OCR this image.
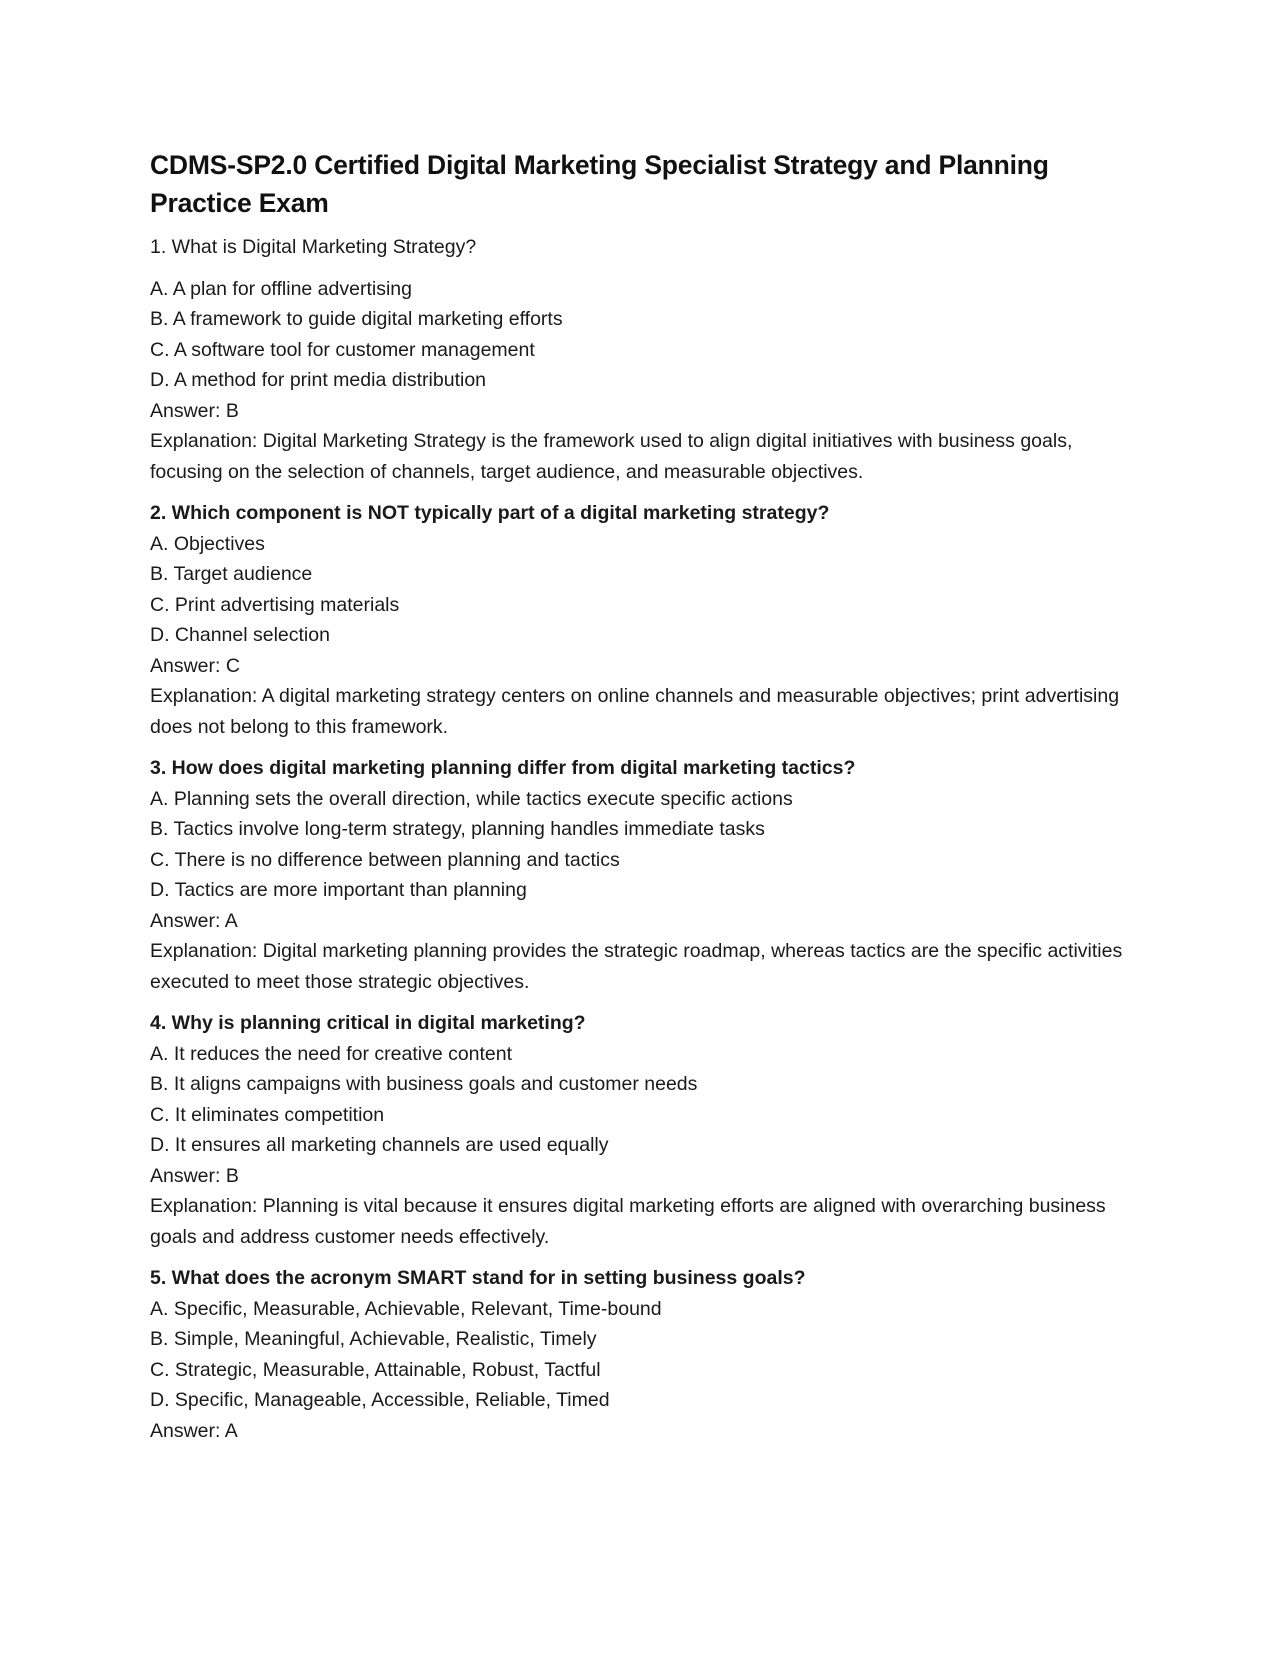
CDMS-SP2.0 Certified Digital Marketing Specialist Strategy and Planning Practice Exam

1. What is Digital Marketing Strategy?

A. A plan for offline advertising

B. A framework to guide digital marketing efforts

C. A software tool for customer management

D. A method for print media distribution

Answer: B

Explanation: Digital Marketing Strategy is the framework used to align digital initiatives with business goals, focusing on the selection of channels, target audience, and measurable objectives.

2. Which component is NOT typically part of a digital marketing strategy?

A. Objectives

B. Target audience

C. Print advertising materials

D. Channel selection

Answer: C

Explanation: A digital marketing strategy centers on online channels and measurable objectives; print advertising does not belong to this framework.

3. How does digital marketing planning differ from digital marketing tactics?

A. Planning sets the overall direction, while tactics execute specific actions

B. Tactics involve long-term strategy, planning handles immediate tasks

C. There is no difference between planning and tactics

D. Tactics are more important than planning

Answer: A

Explanation: Digital marketing planning provides the strategic roadmap, whereas tactics are the specific activities executed to meet those strategic objectives.

4. Why is planning critical in digital marketing?

A. It reduces the need for creative content

B. It aligns campaigns with business goals and customer needs

C. It eliminates competition

D. It ensures all marketing channels are used equally

Answer: B

Explanation: Planning is vital because it ensures digital marketing efforts are aligned with overarching business goals and address customer needs effectively.

5. What does the acronym SMART stand for in setting business goals?

A. Specific, Measurable, Achievable, Relevant, Time-bound

B. Simple, Meaningful, Achievable, Realistic, Timely

C. Strategic, Measurable, Attainable, Robust, Tactful

D. Specific, Manageable, Accessible, Reliable, Timed

Answer: A
